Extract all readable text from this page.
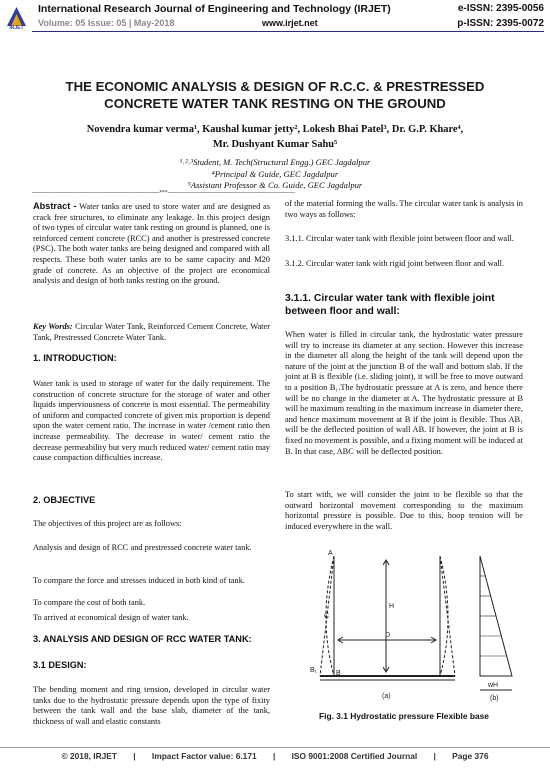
IRJET
International Research Journal of Engineering and Technology (IRJET)	e-ISSN: 2395-0056
Volume: 05 Issue: 05 | May-2018	www.irjet.net	p-ISSN: 2395-0072
THE ECONOMIC ANALYSIS & DESIGN OF R.C.C. & PRESTRESSED
CONCRETE WATER TANK RESTING ON THE GROUND
Novendra kumar verma¹, Kaushal kumar jetty², Lokesh Bhai Patel³, Dr. G.P. Khare⁴,
Mr. Dushyant Kumar Sahu⁵
¹˒²˒³Student, M. Tech(Structural Engg.) GEC Jagdalpur
⁴Principal & Guide, GEC Jagdalpur
⁵Assistant Professor & Co. Guide, GEC Jagdalpur
---------------------------------------------------------------------------***---------------------------------------------------------------------------

Abstract - Water tanks are used to store water and are designed as crack free structures, to eliminate any leakage. In this project design of two types of circular water tank resting on ground is planned, one is reinforced cement concrete (RCC) and another is prestressed concrete (PSC). The both water tanks are being designed and compared with all respects. These both water tanks are to be same capacity and M20 grade of concrete. As an objective of the project are economical analysis and design of both tanks resting on the ground.

Key Words: Circular Water Tank, Reinforced Cement Concrete, Water Tank, Prestressed Concrete Water Tank.

1. INTRODUCTION:
Water tank is used to storage of water for the daily requirement. The construction of concrete structure for the storage of water and other liquids imperviousness of concrete is most essential. The permeability of uniform and compacted concrete of given mix proportion is depend upon the water cement ratio. The increase in water /cement ratio then increase permeability. The decrease in water/ cement ratio the decrease permeability but very much reduced water/ cement ratio may cause compaction difficulties increase.
2. OBJECTIVE
The objectives of this project are as follows:
Analysis and design of RCC and prestressed concrete water tank.
To compare the force and stresses induced in both kind of tank.
To compare the cost of both tank.
To arrived at economical design of water tank.
3. ANALYSIS AND DESIGN OF RCC WATER TANK:
3.1 DESIGN:
The bending moment and ring tension, developed in circular water tanks due to the hydrostatic pressure depends upon the type of fixity between the tank wall and the base slab, diameter of the tank, thickness of wall and elastic constants
of the material forming the walls. The circular water tank is analysis in two ways as follows:
3.1.1. Circular water tank with flexible joint between floor and wall.
3.1.2. Circular water tank with rigid joint between floor and wall.
3.1.1. Circular water tank with flexible joint between floor and wall:
When water is filled in circular tank, the hydrostatic water pressure will try to increase its diameter at any section. However this increase in the diameter all along the height of the tank will depend upon the nature of the joint at the junction B of the wall and bottom slab. If the joint at B is flexible (i.e. sliding joint), it will be free to move outward to a position B₁.The hydrostatic pressure at A is zero, and hence there will be no change in the diameter at A. The hydrostatic pressure at B will be maximum resulting in the maximum increase in diameter there, and hence maximum movement at B if the joint is flexible. Thus AB₁ will be the deflected position of wall AB. If however, the joint at B is fixed no movement is possible, and a fixing moment will be induced at B. In that case, ABC will be deflected position.
To start with, we will consider the joint to be flexible so that the outward horizontal movement corresponding to the maximum horizontal pressure is possible. Due to this, hoop tension will be induced everywhere in the wall.
A
B
B₁
C
H
D
wH
(a)	(b)
Fig. 3.1 Hydrostatic pressure Flexible base
© 2018, IRJET       |       Impact Factor value: 6.171       |       ISO 9001:2008 Certified Journal       |       Page 376
